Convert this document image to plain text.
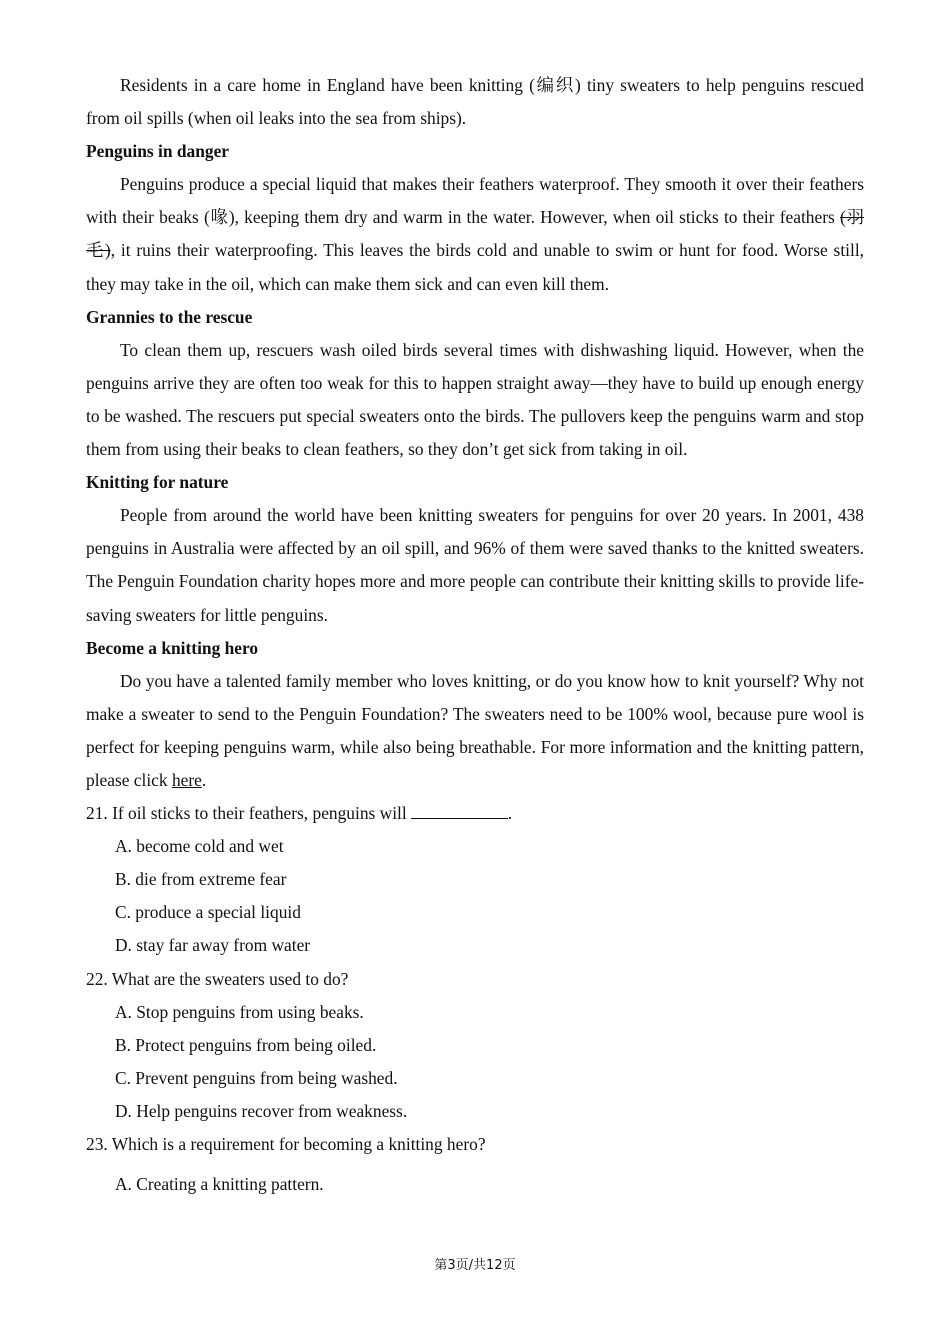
Residents in a care home in England have been knitting (编织) tiny sweaters to help penguins rescued from oil spills (when oil leaks into the sea from ships).

Penguins in danger

Penguins produce a special liquid that makes their feathers waterproof. They smooth it over their feathers with their beaks (喙), keeping them dry and warm in the water. However, when oil sticks to their feathers (羽毛), it ruins their waterproofing. This leaves the birds cold and unable to swim or hunt for food. Worse still, they may take in the oil, which can make them sick and can even kill them.

Grannies to the rescue

To clean them up, rescuers wash oiled birds several times with dishwashing liquid. However, when the penguins arrive they are often too weak for this to happen straight away—they have to build up enough energy to be washed. The rescuers put special sweaters onto the birds. The pullovers keep the penguins warm and stop them from using their beaks to clean feathers, so they don’t get sick from taking in oil.

Knitting for nature

People from around the world have been knitting sweaters for penguins for over 20 years. In 2001, 438 penguins in Australia were affected by an oil spill, and 96% of them were saved thanks to the knitted sweaters. The Penguin Foundation charity hopes more and more people can contribute their knitting skills to provide life-saving sweaters for little penguins.

Become a knitting hero

Do you have a talented family member who loves knitting, or do you know how to knit yourself? Why not make a sweater to send to the Penguin Foundation? The sweaters need to be 100% wool, because pure wool is perfect for keeping penguins warm, while also being breathable. For more information and the knitting pattern, please click here.

21. If oil sticks to their feathers, penguins will	.

A. become cold and wet

B. die from extreme fear

C. produce a special liquid

D. stay far away from water

22. What are the sweaters used to do?

A. Stop penguins from using beaks.

B. Protect penguins from being oiled.

C. Prevent penguins from being washed.

D. Help penguins recover from weakness.

23. Which is a requirement for becoming a knitting hero?

A. Creating a knitting pattern.

第3页/共12页
